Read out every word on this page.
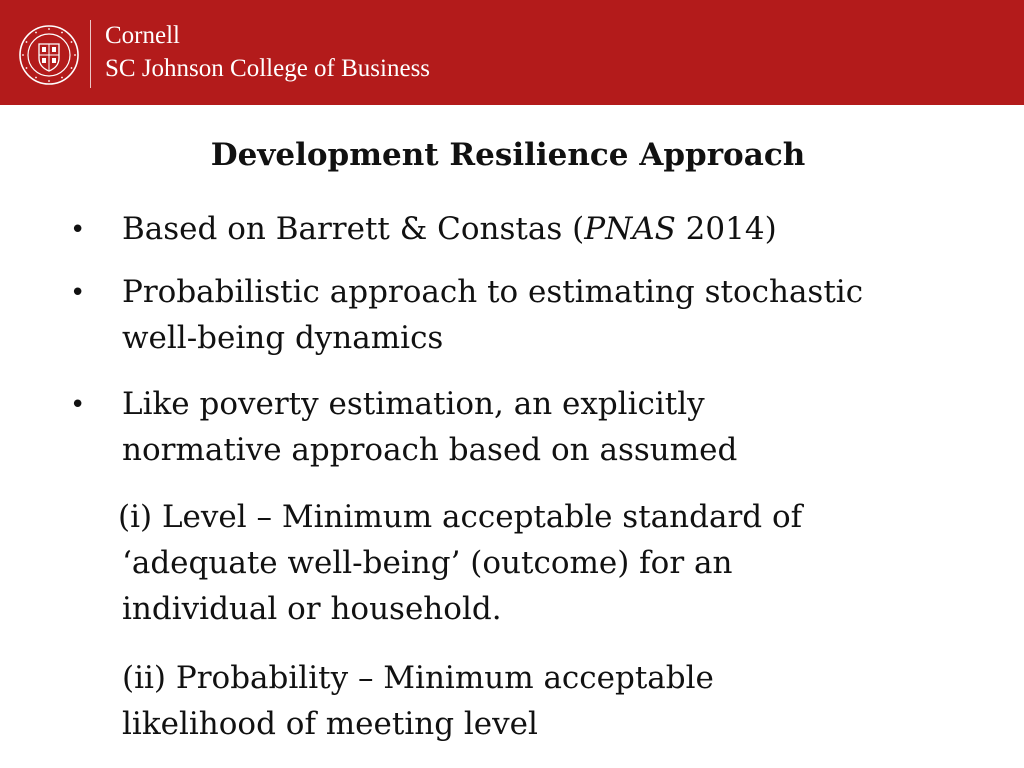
Cornell
SC Johnson College of Business
Development Resilience Approach
• Based on Barrett & Constas (PNAS 2014)
• Probabilistic approach to estimating stochastic
well-being dynamics
• Like poverty estimation, an explicitly
normative approach based on assumed
(i) Level – Minimum acceptable standard of
‘adequate well-being’ (outcome) for an
individual or household.
(ii) Probability – Minimum acceptable
likelihood of meeting level
